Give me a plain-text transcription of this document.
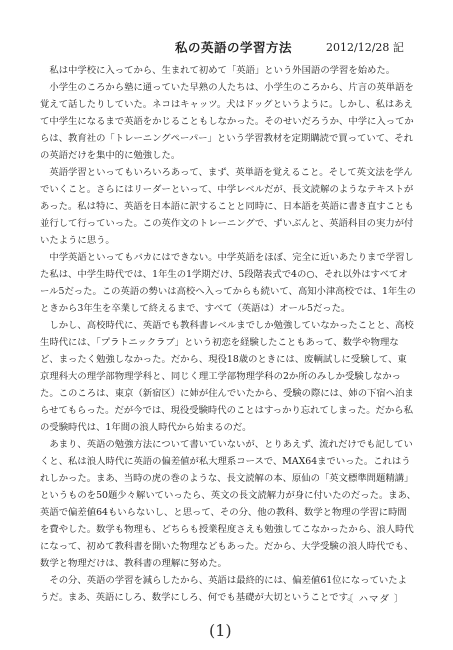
私の英語の学習方法	2012/12/28 記

私は中学校に入ってから、生まれて初めて「英語」という外国語の学習を始めた。

小学生のころから塾に通っていた早熟の人たちは、小学生のころから、片言の英単語を覚えて話したりしていた。ネコはキャッツ。犬はドッグというように。しかし、私はあえて中学生になるまで英語をかじることもしなかった。そのせいだろうか、中学に入ってからは、教育社の「トレーニングペーパー」という学習教材を定期購読で買っていて、それの英語だけを集中的に勉強した。

英語学習といってもいろいろあって、まず、英単語を覚えること。そして英文法を学んでいくこと。さらにはリーダーといって、中学レベルだが、長文読解のようなテキストがあった。私は特に、英語を日本語に訳することと同時に、日本語を英語に書き直すことも並行して行っていった。この英作文のトレーニングで、ずいぶんと、英語科目の実力が付いたように思う。

中学英語といってもバカにはできない。中学英語をほぼ、完全に近いあたりまで学習した私は、中学生時代では、1年生の1学期だけ、5段階表式で4の○、それ以外はすべてオール5だった。この英語の勢いは高校へ入ってからも続いて、高知小津高校では、1年生のときから3年生を卒業して終えるまで、すべて（英語は）オール5だった。

しかし、高校時代に、英語でも教科書レベルまでしか勉強していなかったことと、高校生時代には、「プラトニックラブ」という初恋を経験したこともあって、数学や物理など、まったく勉強しなかった。だから、現役18歳のときには、废輌試しに受験して、東京理科大の理学部物理学科と、同じく理工学部物理学科の2か所のみしか受験しなかった。このころは、東京（新宿区）に姉が住んでいたから、受験の際には、姉の下宿へ泊まらせてもらった。だが今では、現役受験時代のことはすっかり忘れてしまった。だから私の受験時代は、1年間の浪人時代から始まるのだ。

あまり、英語の勉強方法について書いていないが、とりあえず、流れだけでも記していくと、私は浪人時代に英語の偏差値が私大理系コースで、MAX64までいった。これはうれしかった。まあ、当時の虎の巻のような、長文読解の本、原仙の「英文標準問題精講」というものを50題少々解いていったら、英文の長文読解力が身に付いたのだった。まあ、英語で偏差値64もいらないし、と思って、その分、他の教科、数学と物理の学習に時間を費やした。数学も物理も、どちらも授業程度さえも勉強してこなかったから、浪人時代になって、初めて教科書を開いた物理などもあった。だから、大学受験の浪人時代でも、数学と物理だけは、教科書の理解に努めた。

その分、英語の学習を減らしたから、英語は最終的には、偏差値61位になっていたようだ。まあ、英語にしろ、数学にしろ、何でも基礎が大切ということです。

〔 ハマダ 〕
(1)
